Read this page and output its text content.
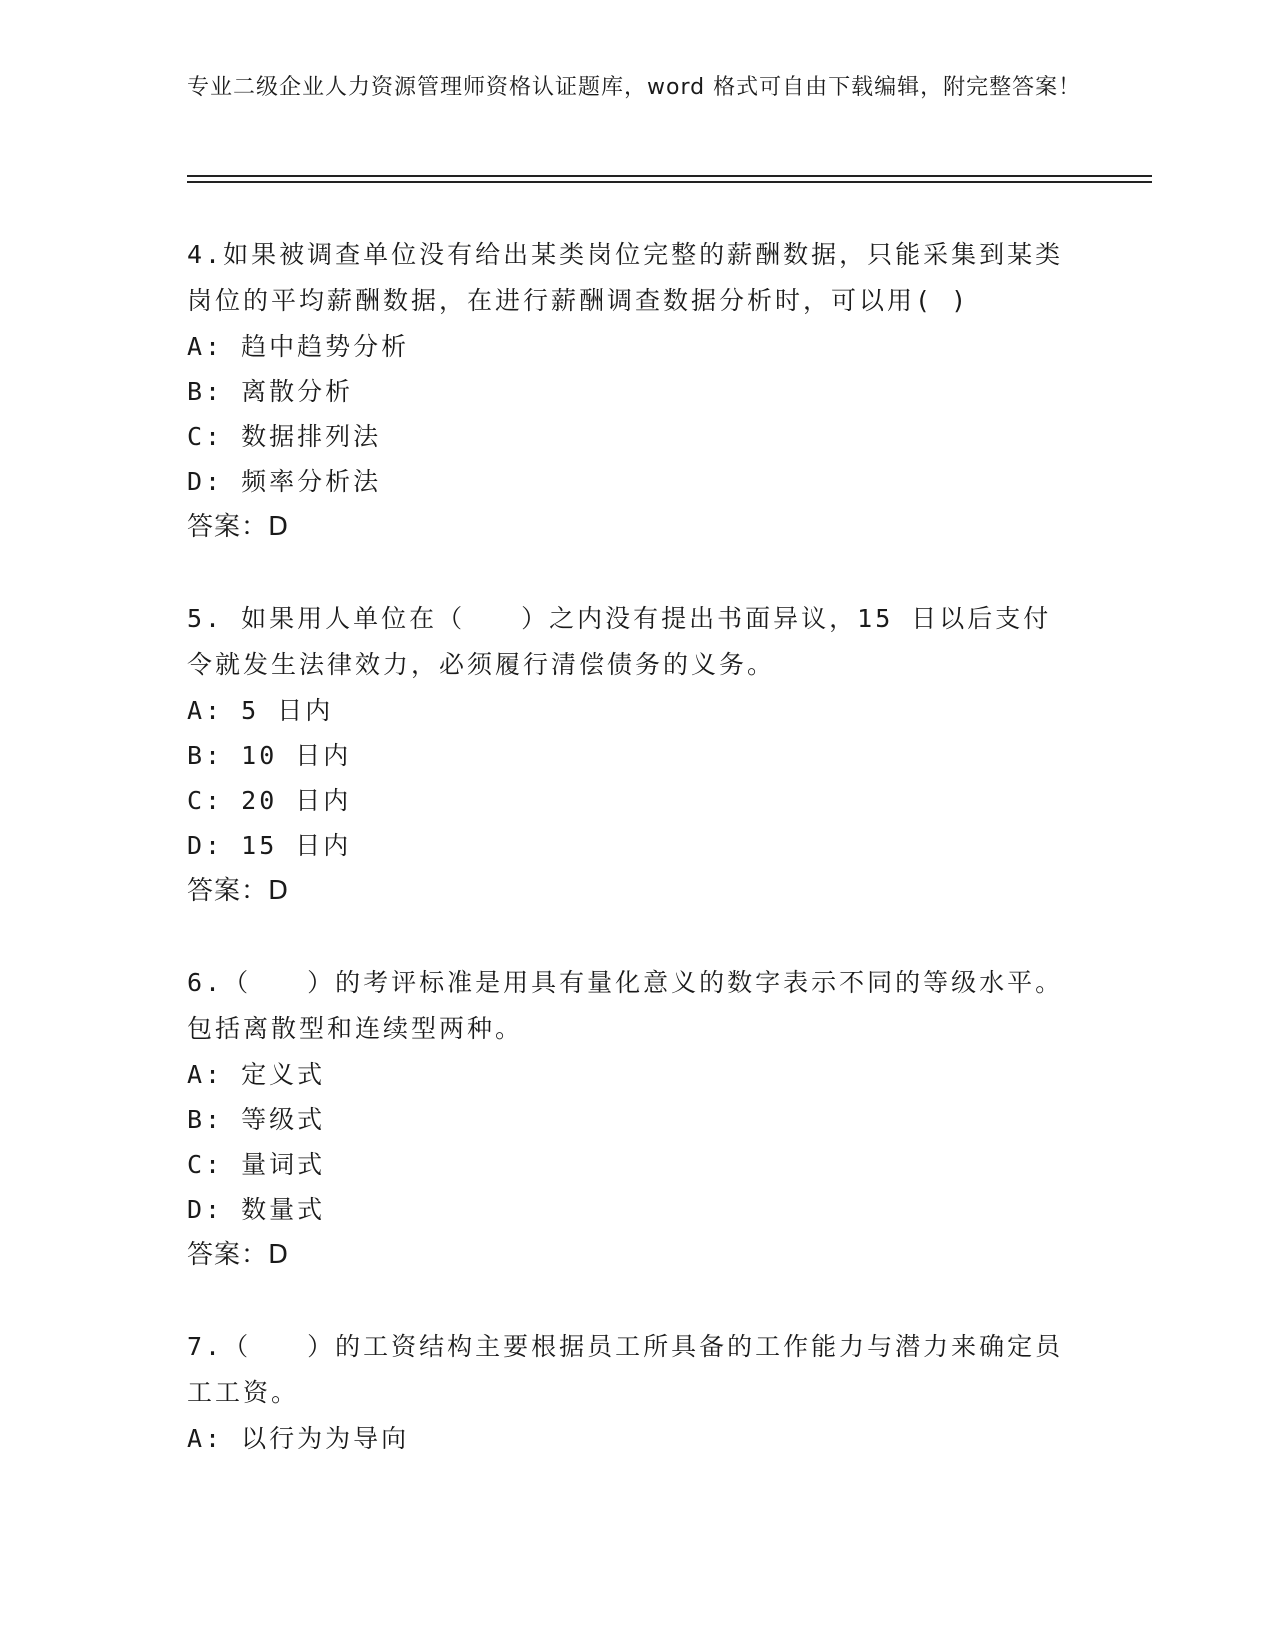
专业二级企业人力资源管理师资格认证题库，word 格式可自由下载编辑，附完整答案！

4.如果被调查单位没有给出某类岗位完整的薪酬数据，只能采集到某类岗位的平均薪酬数据，在进行薪酬调查数据分析时，可以用( )

A: 趋中趋势分析

B: 离散分析

C: 数据排列法

D: 频率分析法

答案：D

5. 如果用人单位在（　　）之内没有提出书面异议，15 日以后支付令就发生法律效力，必须履行清偿债务的义务。

A: 5 日内

B: 10 日内

C: 20 日内

D: 15 日内

答案：D

6.（　　）的考评标准是用具有量化意义的数字表示不同的等级水平。包括离散型和连续型两种。

A: 定义式

B: 等级式

C: 量词式

D: 数量式

答案：D

7.（　　）的工资结构主要根据员工所具备的工作能力与潜力来确定员工工资。

A: 以行为为导向
